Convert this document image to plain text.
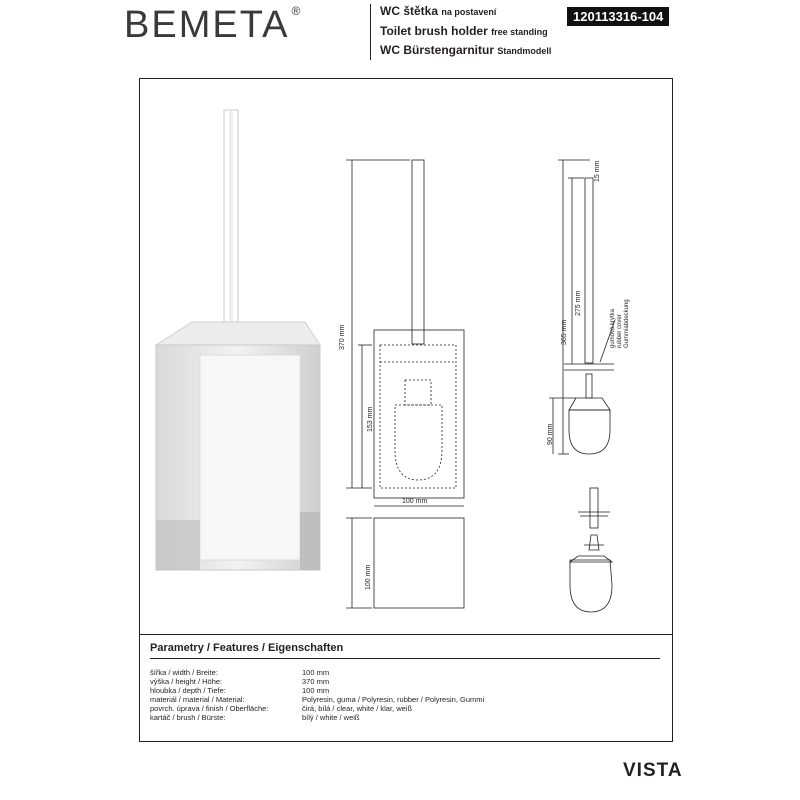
BEMETA ®	WC štětka na postavení
Toilet brush holder free standing
WC Bürstengarnitur Standmodell
120113316-104
370 mm
153 mm
100 mm
100 mm
15 mm
365 mm
275 mm
90 mm
gumová krytka rubber cover Gummiabdeckung
Parametry / Features / Eigenschaften
šířka / width / Breite:	100 mm
výška / height / Höhe:	370 mm
hloubka / depth / Tiefe:	100 mm
materiál / material / Material:	Polyresin, guma / Polyresin, rubber / Polyresin, Gummi
povrch. úprava / finish / Oberfläche:	čirá, bílá / clear, white / klar, weiß
kartáč / brush / Bürste:	bílý / white / weiß
VISTA
